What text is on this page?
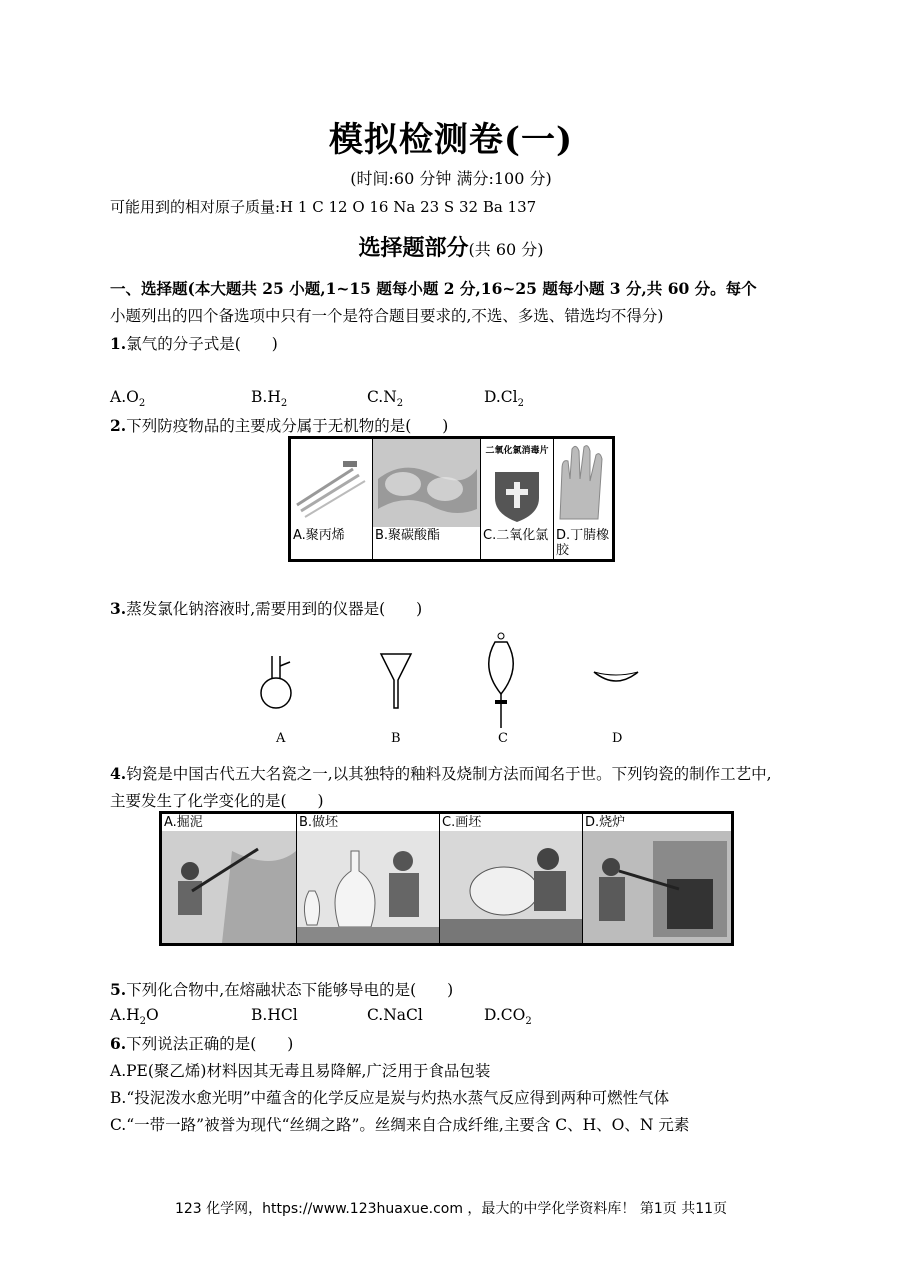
模拟检测卷(一)
(时间:60 分钟 满分:100 分)
可能用到的相对原子质量:H 1 C 12 O 16 Na 23 S 32 Ba 137
选择题部分(共 60 分)
一、选择题(本大题共 25 小题,1~15 题每小题 2 分,16~25 题每小题 3 分,共 60 分。每个
小题列出的四个备选项中只有一个是符合题目要求的,不选、多选、错选均不得分)
1.氯气的分子式是(　　)
$A.O_2$	$B.H_2$	$C.N_2$	$D.Cl_2$
2.下列防疫物品的主要成分属于无机物的是(　　)
A.聚丙烯	B.聚碳酸酯

二氧化氯消毒片
C.二氧化氯	D.丁腈橡胶
3.蒸发氯化钠溶液时,需要用到的仪器是(　　)
A	B	C	D
4.钧瓷是中国古代五大名瓷之一,以其独特的釉料及烧制方法而闻名于世。下列钧瓷的制作工艺中,
主要发生了化学变化的是(　　)
A.掘泥	B.做坯	C.画坯	D.烧炉
5.下列化合物中,在熔融状态下能够导电的是(　　)
$A.H_2O$	B.HCl	C.NaCl	$D.CO_2$
6.下列说法正确的是(　　)
A.PE(聚乙烯)材料因其无毒且易降解,广泛用于食品包装
B.“投泥泼水愈光明”中蕴含的化学反应是炭与灼热水蒸气反应得到两种可燃性气体
C.“一带一路”被誉为现代“丝绸之路”。丝绸来自合成纤维,主要含 C、H、O、N 元素
123 化学网，https://www.123huaxue.com ，最大的中学化学资料库！ 第1页 共11页
